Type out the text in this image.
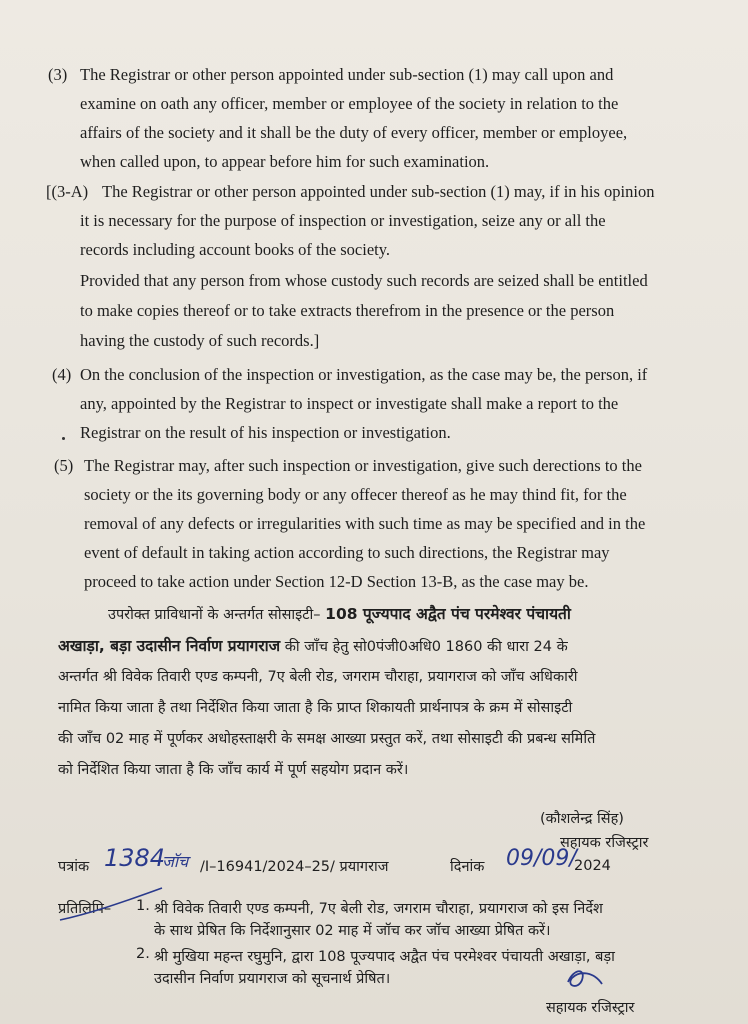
(3) The Registrar or other person appointed under sub-section (1) may call upon and
examine on oath any officer, member or employee of the society in relation to the
affairs of the society and it shall be the duty of every officer, member or employee,
when called upon, to appear before him for such examination.
[(3-A) The Registrar or other person appointed under sub-section (1) may, if in his opinion
it is necessary for the purpose of inspection or investigation, seize any or all the
records including account books of the society.
Provided that any person from whose custody such records are seized shall be entitled
to make copies thereof or to take extracts therefrom in the presence or the person
having the custody of such records.]
(4) On the conclusion of the inspection or investigation, as the case may be, the person, if
any, appointed by the Registrar to inspect or investigate shall make a report to the
Registrar on the result of his inspection or investigation.
(5) The Registrar may, after such inspection or investigation, give such derections to the
society or the its governing body or any offecer thereof as he may thind fit, for the
removal of any defects or irregularities with such time as may be specified and in the
event of default in taking action according to such directions, the Registrar may
proceed to take action under Section 12-D Section 13-B, as the case may be.
उपरोक्त प्राविधानों के अन्तर्गत सोसाइटी– 108 पूज्यपाद अद्वैत पंच परमेश्वर पंचायती
अखाड़ा, बड़ा उदासीन निर्वाण प्रयागराज की जाँच हेतु सो0पंजी0अधि0 1860 की धारा 24 के
अन्तर्गत श्री विवेक तिवारी एण्ड कम्पनी, 7ए बेली रोड, जगराम चौराहा, प्रयागराज को जाँच अधिकारी
नामित किया जाता है तथा निर्देशित किया जाता है कि प्राप्त शिकायती प्रार्थनापत्र के क्रम में सोसाइटी
की जाँच 02 माह में पूर्णकर अधोहस्ताक्षरी के समक्ष आख्या प्रस्तुत करें, तथा सोसाइटी की प्रबन्ध समिति
को निर्देशित किया जाता है कि जाँच कार्य में पूर्ण सहयोग प्रदान करें।
(कौशलेन्द्र सिंह)
सहायक रजिस्ट्रार
पत्रांक 1384
जॉच /I–16941/2024–25/ प्रयागराज	दिनांक 09/09/
2024
प्रतिलिपि– 1. श्री विवेक तिवारी एण्ड कम्पनी, 7ए बेली रोड, जगराम चौराहा, प्रयागराज को इस निर्देश
के साथ प्रेषित कि निर्देशानुसार 02 माह में जॉच कर जॉच आख्या प्रेषित करें।
2. श्री मुखिया महन्त रघुमुनि, द्वारा 108 पूज्यपाद अद्वैत पंच परमेश्वर पंचायती अखाड़ा, बड़ा
उदासीन निर्वाण प्रयागराज को सूचनार्थ प्रेषित।
सहायक रजिस्ट्रार
